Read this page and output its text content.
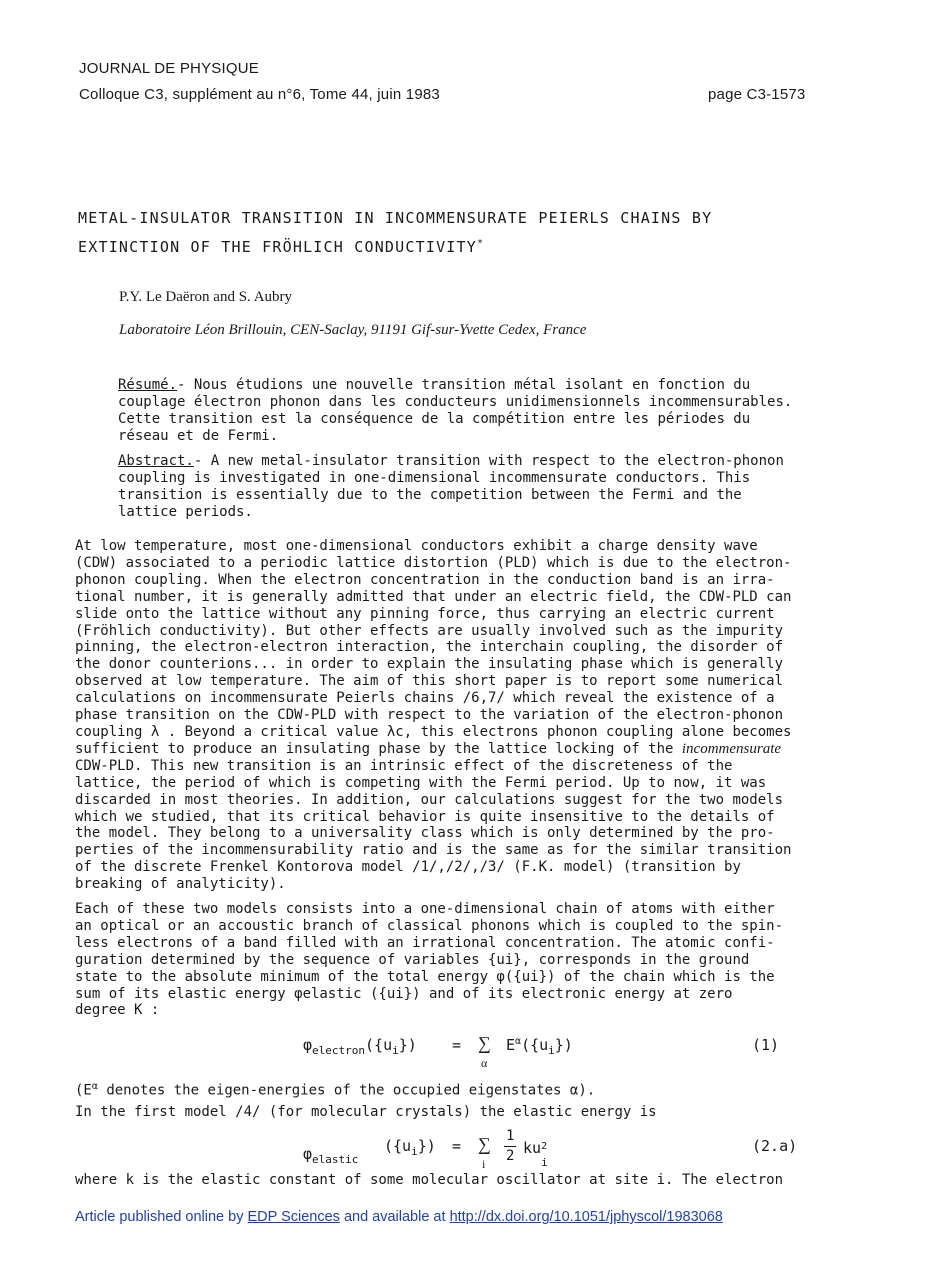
JOURNAL DE PHYSIQUE
Colloque C3, supplément au n°6, Tome 44, juin 1983	page C3-1573
METAL-INSULATOR TRANSITION IN INCOMMENSURATE PEIERLS CHAINS BY
EXTINCTION OF THE FRÖHLICH CONDUCTIVITY*
P.Y. Le Daëron and S. Aubry
Laboratoire Léon Brillouin, CEN-Saclay, 91191 Gif-sur-Yvette Cedex, France
Résumé.- Nous étudions une nouvelle transition métal isolant en fonction du
couplage électron phonon dans les conducteurs unidimensionnels incommensurables.
Cette transition est la conséquence de la compétition entre les périodes du
réseau et de Fermi.
Abstract.- A new metal-insulator transition with respect to the electron-phonon
coupling is investigated in one-dimensional incommensurate conductors. This
transition is essentially due to the competition between the Fermi and the
lattice periods.
At low temperature, most one-dimensional conductors exhibit a charge density wave
(CDW) associated to a periodic lattice distortion (PLD) which is due to the electron-
phonon coupling. When the electron concentration in the conduction band is an irra-
tional number, it is generally admitted that under an electric field, the CDW-PLD can
slide onto the lattice without any pinning force, thus carrying an electric current
(Fröhlich conductivity). But other effects are usually involved such as the impurity
pinning, the electron-electron interaction, the interchain coupling, the disorder of
the donor counterions... in order to explain the insulating phase which is generally
observed at low temperature. The aim of this short paper is to report some numerical
calculations on incommensurate Peierls chains /6,7/ which reveal the existence of a
phase transition on the CDW-PLD with respect to the variation of the electron-phonon
coupling λ . Beyond a critical value λc, this electrons phonon coupling alone becomes
sufficient to produce an insulating phase by the lattice locking of the incommensurate
CDW-PLD. This new transition is an intrinsic effect of the discreteness of the
lattice, the period of which is competing with the Fermi period. Up to now, it was
discarded in most theories. In addition, our calculations suggest for the two models
which we studied, that its critical behavior is quite insensitive to the details of
the model. They belong to a universality class which is only determined by the pro-
perties of the incommensurability ratio and is the same as for the similar transition
of the discrete Frenkel Kontorova model /1/,/2/,/3/ (F.K. model) (transition by
breaking of analyticity).
Each of these two models consists into a one-dimensional chain of atoms with either
an optical or an accoustic branch of classical phonons which is coupled to the spin-
less electrons of a band filled with an irrational concentration. The atomic confi-
guration determined by the sequence of variables {ui}, corresponds in the ground
state to the absolute minimum of the total energy φ({ui}) of the chain which is the
sum of its elastic energy φelastic ({ui}) and of its electronic energy at zero
degree K :
$\varphi_{electron}(\{u_i\})$ = ∑
α
$E^\alpha(\{u_i\})$	(1)
($E^\alpha$ denotes the eigen-energies of the occupied eigenstates α).
In the first model /4/ (for molecular crystals) the elastic energy is
$\varphi_{elastic}$
$(\{u_i\})$ = ∑
i
1
2 ku 2
i
(2.a)
where k is the elastic constant of some molecular oscillator at site i. The electron
Article published online by EDP Sciences and available at http://dx.doi.org/10.1051/jphyscol/1983068
